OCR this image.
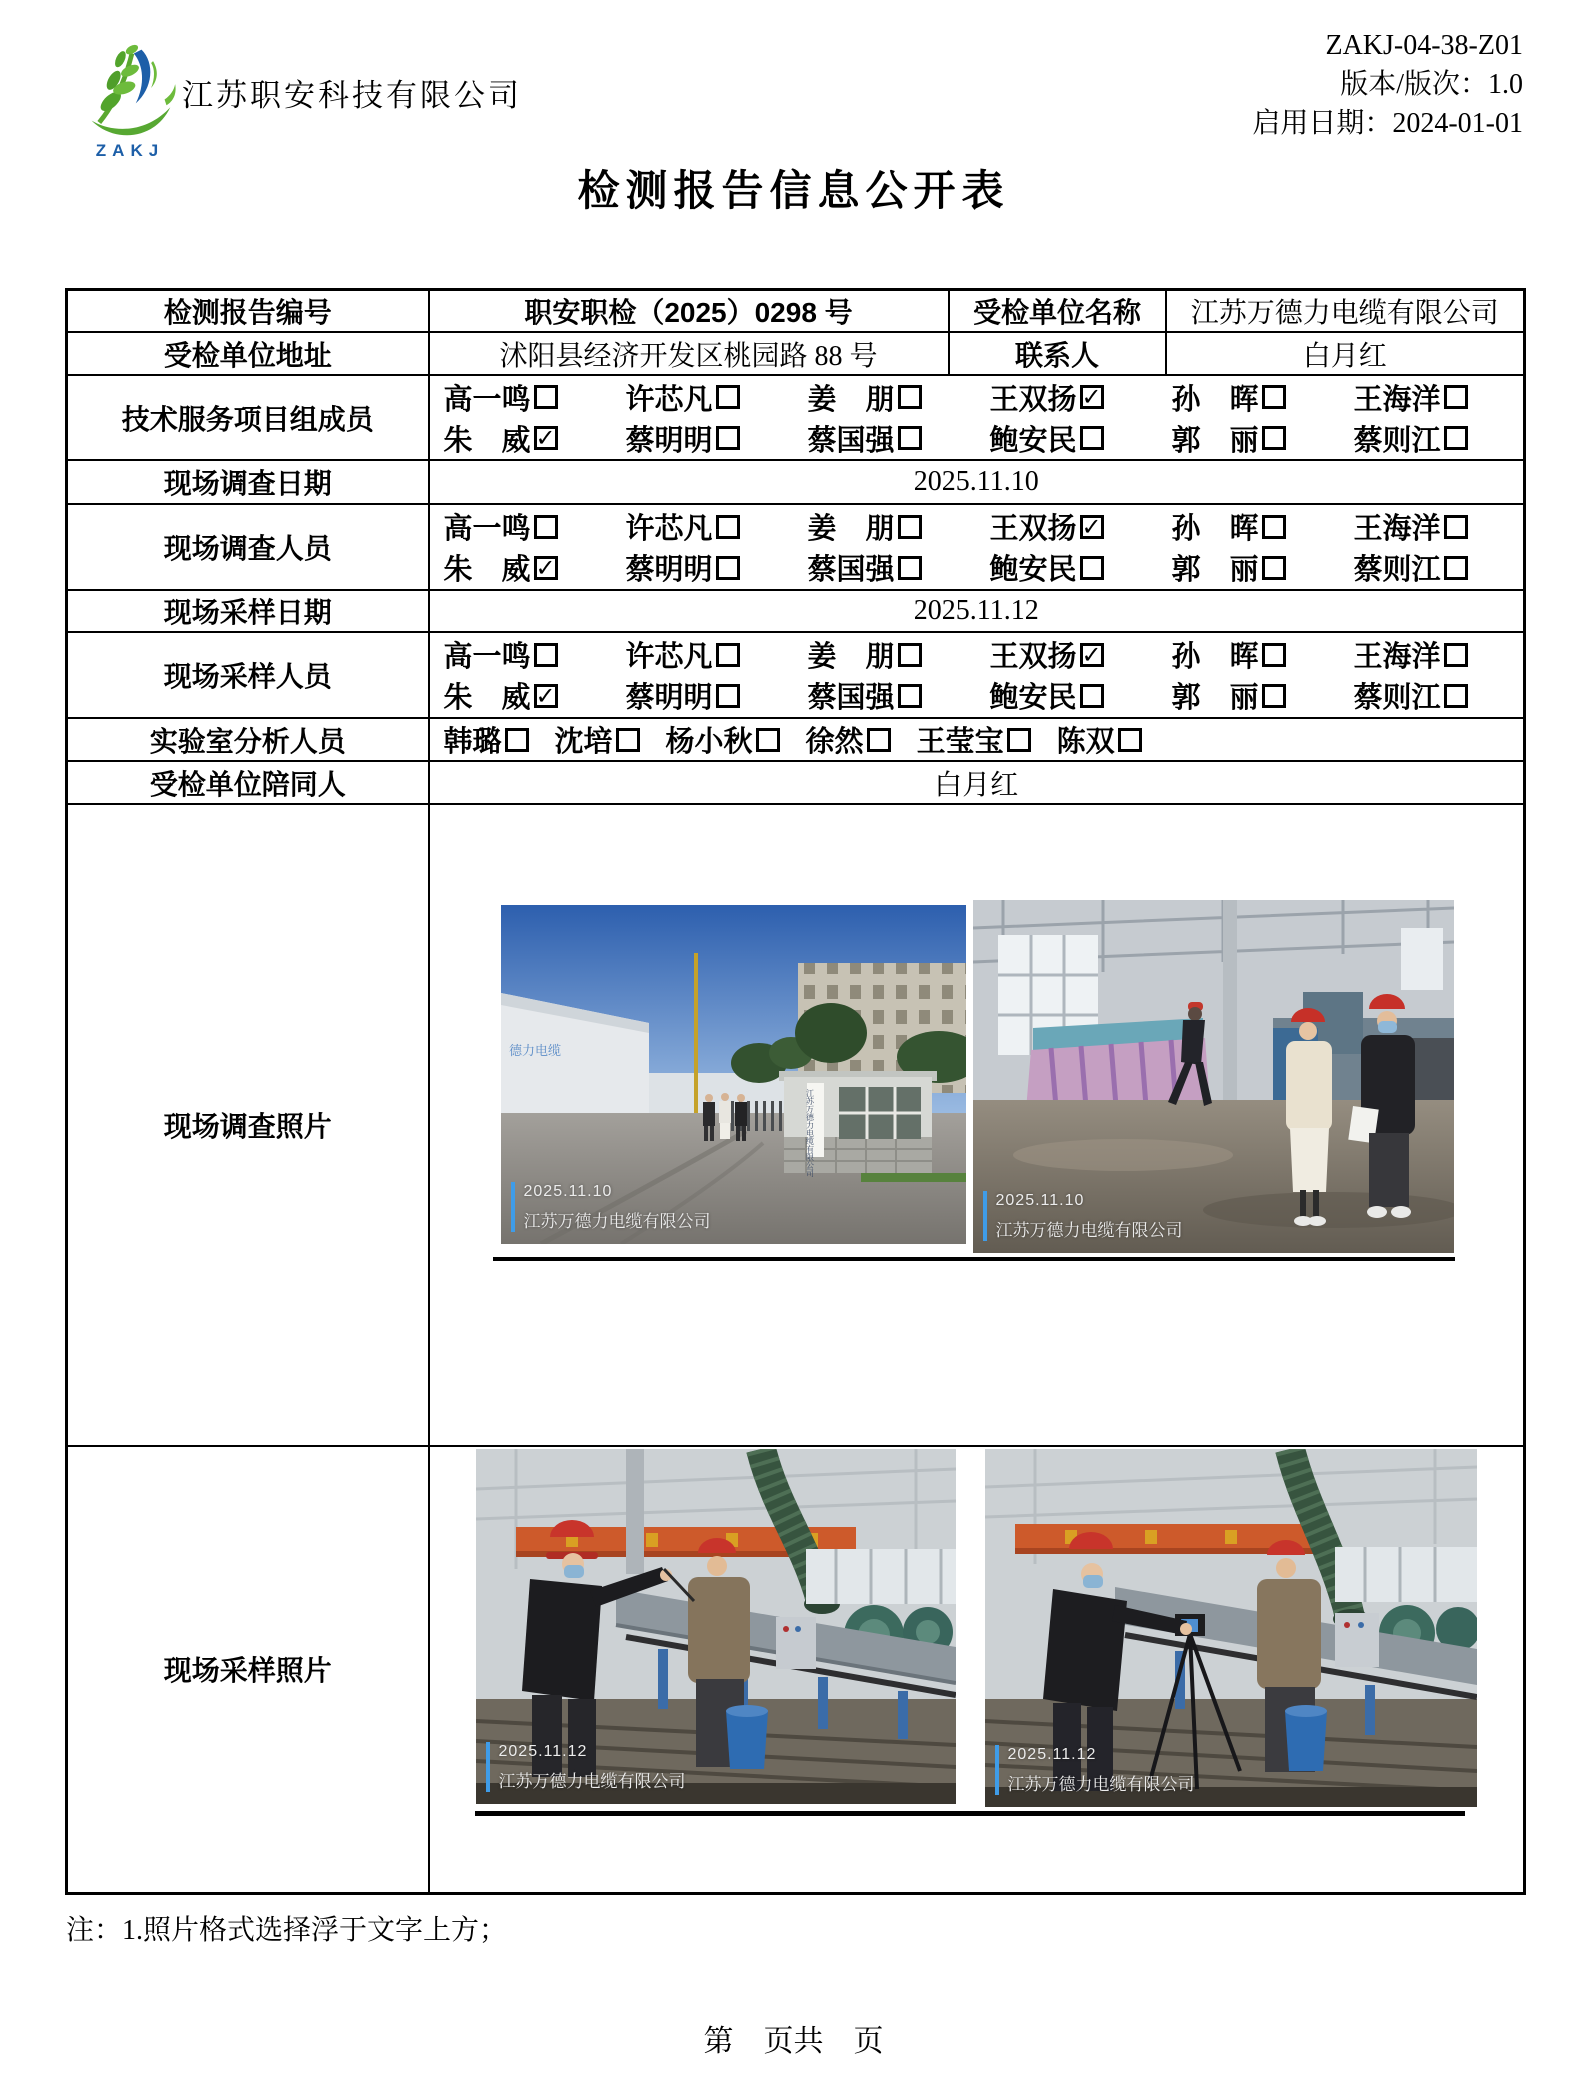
ZAKJ
江苏职安科技有限公司
ZAKJ-04-38-Z01
版本/版次：1.0
启用日期：2024-01-01
检测报告信息公开表
检测报告编号	职安职检（2025）0298 号	受检单位名称	江苏万德力电缆有限公司
受检单位地址	沭阳县经济开发区桃园路 88 号	联系人	白月红
技术服务项目组成员	
高一鸣	许芯凡	姜　朋	王双扬 ✓ 孙　晖	王海洋
朱　威 ✓ 蔡明明	蔡国强	鲍安民	郭　丽	蔡则江

现场调查日期	2025.11.10		
现场调查人员	
高一鸣	许芯凡	姜　朋	王双扬 ✓ 孙　晖	王海洋
朱　威 ✓ 蔡明明	蔡国强	鲍安民	郭　丽	蔡则江

现场采样日期	2025.11.12		
现场采样人员	
高一鸣	许芯凡	姜　朋	王双扬 ✓ 孙　晖	王海洋
朱　威 ✓ 蔡明明	蔡国强	鲍安民	郭　丽	蔡则江

实验室分析人员	韩璐 沈培 杨小秋 徐然 王莹宝 陈双

受检单位陪同人	白月红		
现场调查照片	
德力电缆
江苏万德力电缆有限公司
2025.11.10
江苏万德力电缆有限公司
2025.11.10
江苏万德力电缆有限公司

现场采样照片	2025.11.12
江苏万德力电缆有限公司
2025.11.12
江苏万德力电缆有限公司		
注：1.照片格式选择浮于文字上方；
第　页共　页
